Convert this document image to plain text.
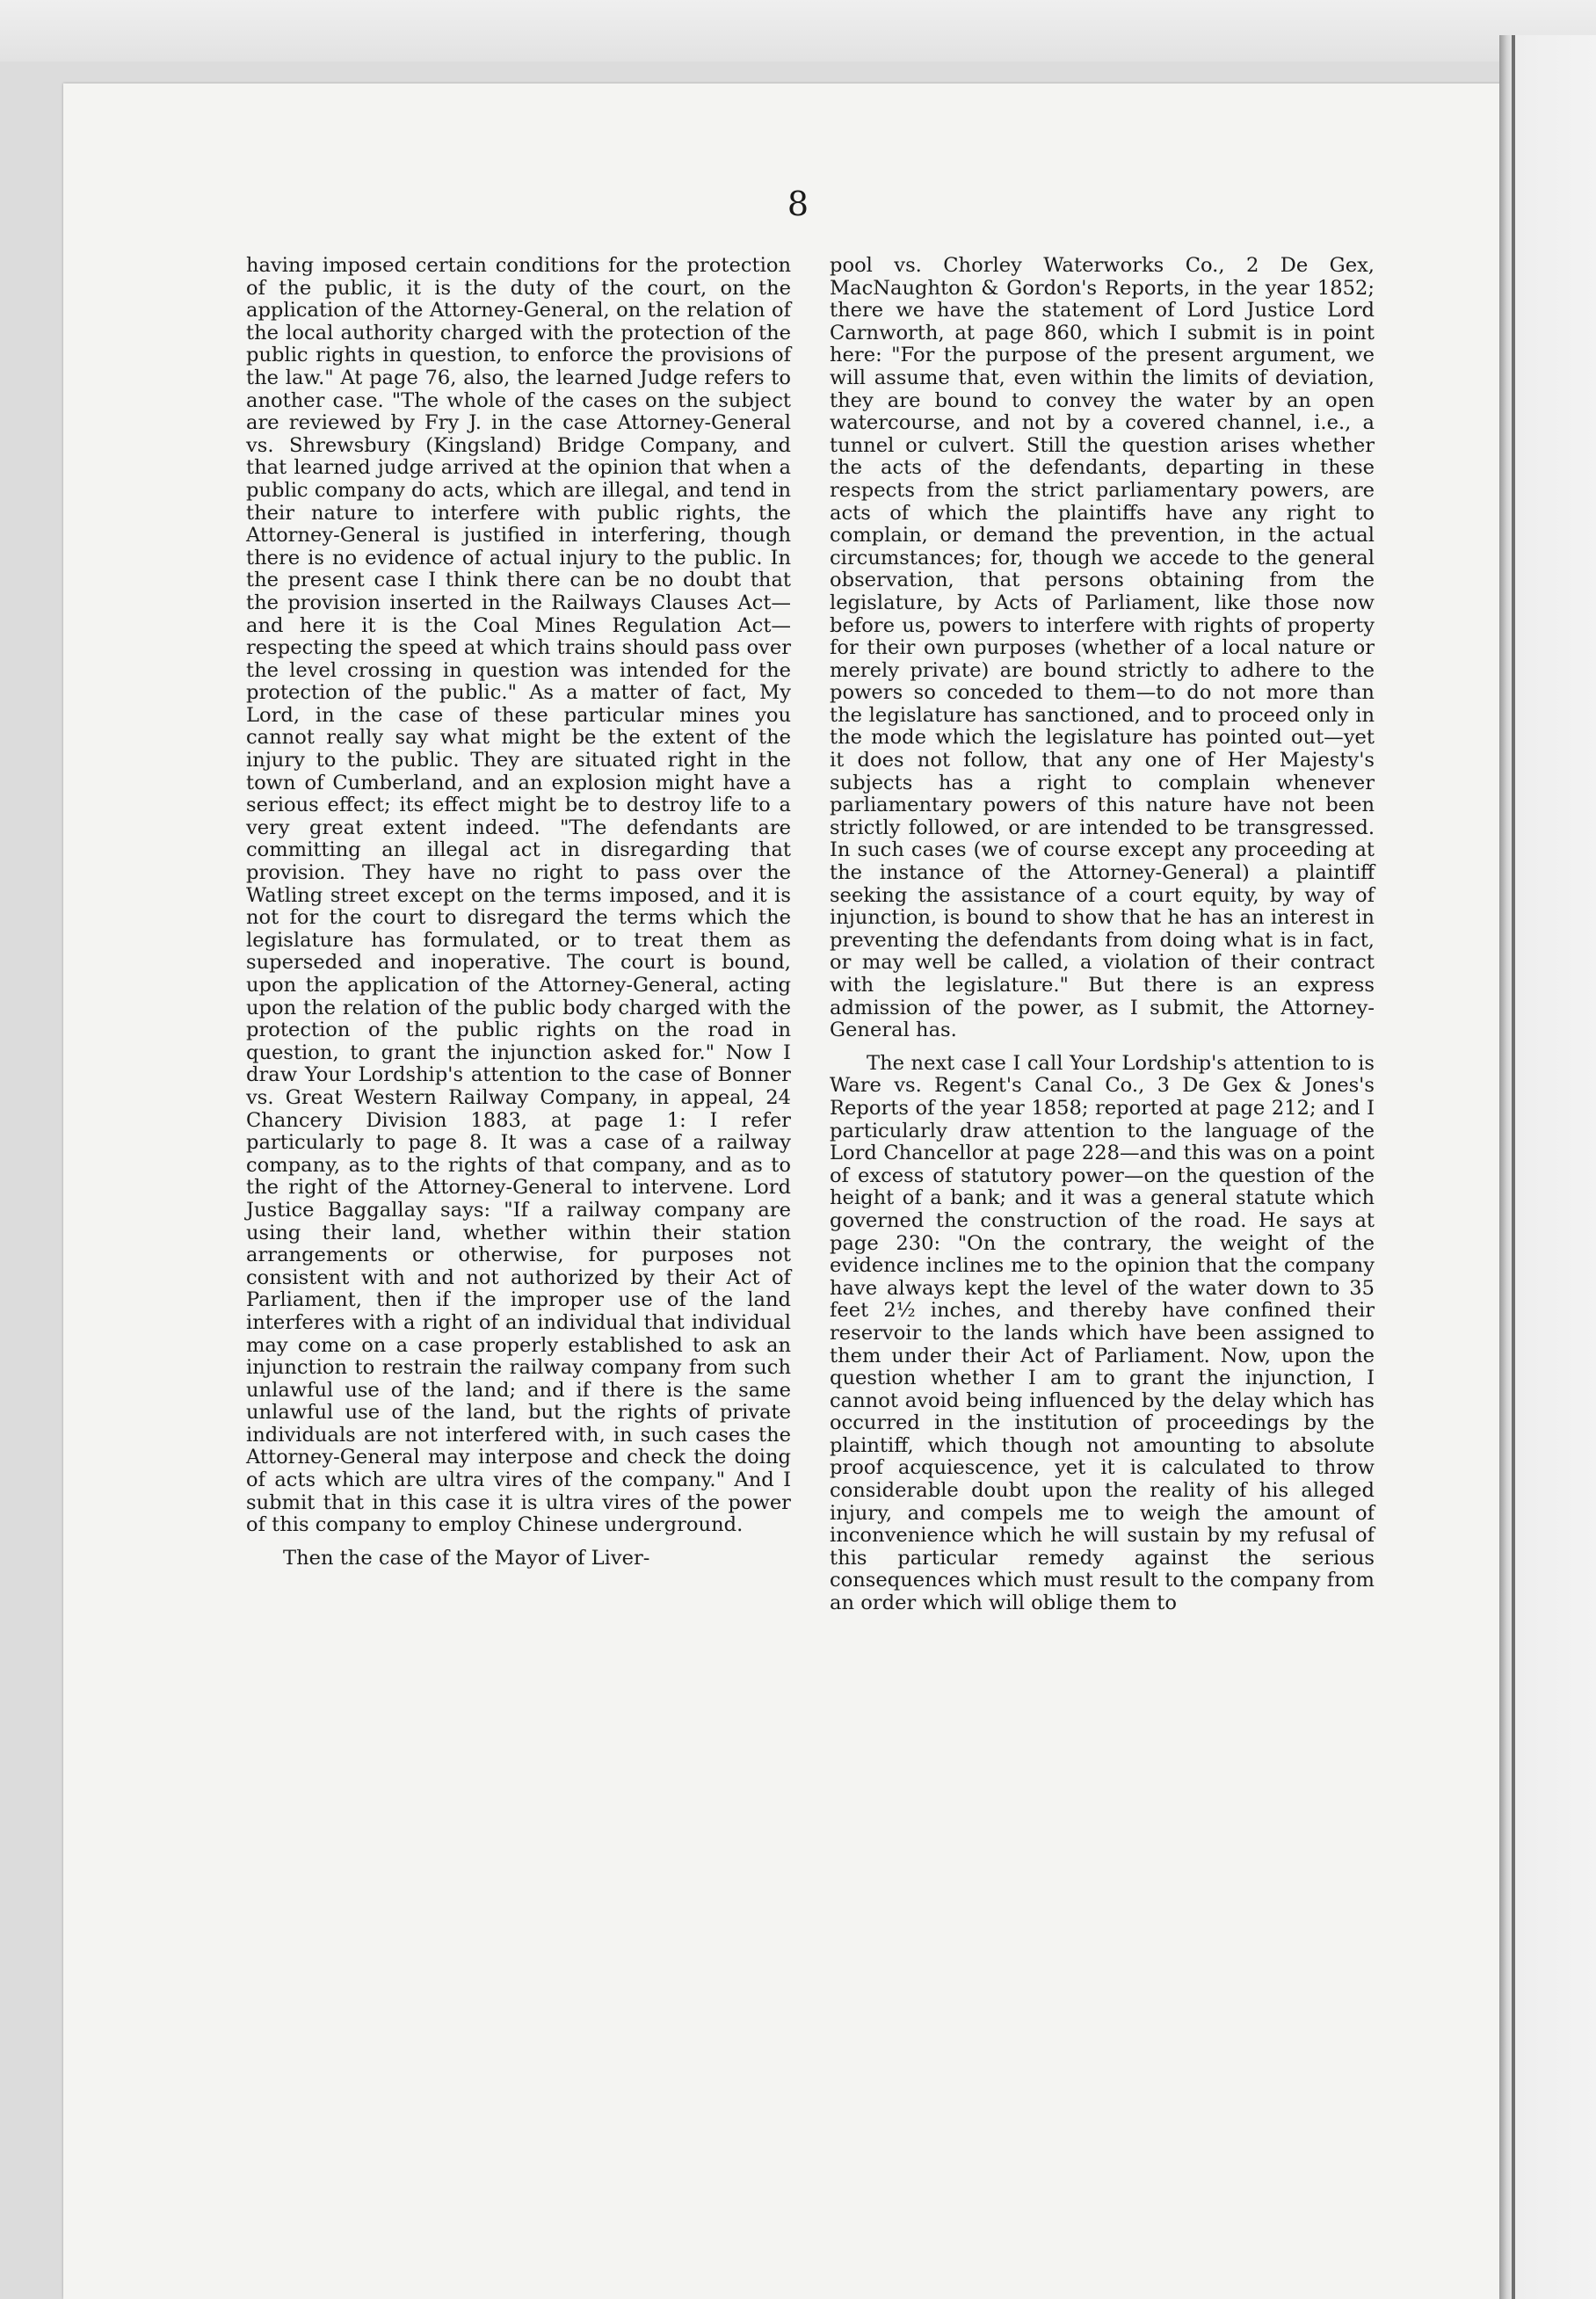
8

having imposed certain conditions for the protection of the public, it is the duty of the court, on the application of the Attorney-General, on the relation of the local authority charged with the protection of the public rights in question, to enforce the provisions of the law." At page 76, also, the learned Judge refers to another case. "The whole of the cases on the subject are reviewed by Fry J. in the case Attorney-General vs. Shrewsbury (Kingsland) Bridge Company, and that learned judge arrived at the opinion that when a public company do acts, which are illegal, and tend in their nature to interfere with public rights, the Attorney-General is justified in interfering, though there is no evidence of actual injury to the public. In the present case I think there can be no doubt that the provision inserted in the Railways Clauses Act—and here it is the Coal Mines Regulation Act—respecting the speed at which trains should pass over the level crossing in question was intended for the protection of the public." As a matter of fact, My Lord, in the case of these particular mines you cannot really say what might be the extent of the injury to the public. They are situated right in the town of Cumberland, and an explosion might have a serious effect; its effect might be to destroy life to a very great extent indeed. "The defendants are committing an illegal act in disregarding that provision. They have no right to pass over the Watling street except on the terms imposed, and it is not for the court to disregard the terms which the legislature has formulated, or to treat them as superseded and inoperative. The court is bound, upon the application of the Attorney-General, acting upon the relation of the public body charged with the protection of the public rights on the road in question, to grant the injunction asked for." Now I draw Your Lordship's attention to the case of Bonner vs. Great Western Railway Company, in appeal, 24 Chancery Division 1883, at page 1: I refer particularly to page 8. It was a case of a railway company, as to the rights of that company, and as to the right of the Attorney-General to intervene. Lord Justice Baggallay says: "If a railway company are using their land, whether within their station arrangements or otherwise, for purposes not consistent with and not authorized by their Act of Parliament, then if the improper use of the land interferes with a right of an individual that individual may come on a case properly established to ask an injunction to restrain the railway company from such unlawful use of the land; and if there is the same unlawful use of the land, but the rights of private individuals are not interfered with, in such cases the Attorney-General may interpose and check the doing of acts which are ultra vires of the company." And I submit that in this case it is ultra vires of the power of this company to employ Chinese underground.

Then the case of the Mayor of Liver-

pool vs. Chorley Waterworks Co., 2 De Gex, MacNaughton & Gordon's Reports, in the year 1852; there we have the statement of Lord Justice Lord Carnworth, at page 860, which I submit is in point here: "For the purpose of the present argument, we will assume that, even within the limits of deviation, they are bound to convey the water by an open watercourse, and not by a covered channel, i.e., a tunnel or culvert. Still the question arises whether the acts of the defendants, departing in these respects from the strict parliamentary powers, are acts of which the plaintiffs have any right to complain, or demand the prevention, in the actual circumstances; for, though we accede to the general observation, that persons obtaining from the legislature, by Acts of Parliament, like those now before us, powers to interfere with rights of property for their own purposes (whether of a local nature or merely private) are bound strictly to adhere to the powers so conceded to them—to do not more than the legislature has sanctioned, and to proceed only in the mode which the legislature has pointed out—yet it does not follow, that any one of Her Majesty's subjects has a right to complain whenever parliamentary powers of this nature have not been strictly followed, or are intended to be transgressed. In such cases (we of course except any proceeding at the instance of the Attorney-General) a plaintiff seeking the assistance of a court equity, by way of injunction, is bound to show that he has an interest in preventing the defendants from doing what is in fact, or may well be called, a violation of their contract with the legislature." But there is an express admission of the power, as I submit, the Attorney-General has.

The next case I call Your Lordship's attention to is Ware vs. Regent's Canal Co., 3 De Gex & Jones's Reports of the year 1858; reported at page 212; and I particularly draw attention to the language of the Lord Chancellor at page 228—and this was on a point of excess of statutory power—on the question of the height of a bank; and it was a general statute which governed the construction of the road. He says at page 230: "On the contrary, the weight of the evidence inclines me to the opinion that the company have always kept the level of the water down to 35 feet 2½ inches, and thereby have confined their reservoir to the lands which have been assigned to them under their Act of Parliament. Now, upon the question whether I am to grant the injunction, I cannot avoid being influenced by the delay which has occurred in the institution of proceedings by the plaintiff, which though not amounting to absolute proof acquiescence, yet it is calculated to throw considerable doubt upon the reality of his alleged injury, and compels me to weigh the amount of inconvenience which he will sustain by my refusal of this particular remedy against the serious consequences which must result to the company from an order which will oblige them to
